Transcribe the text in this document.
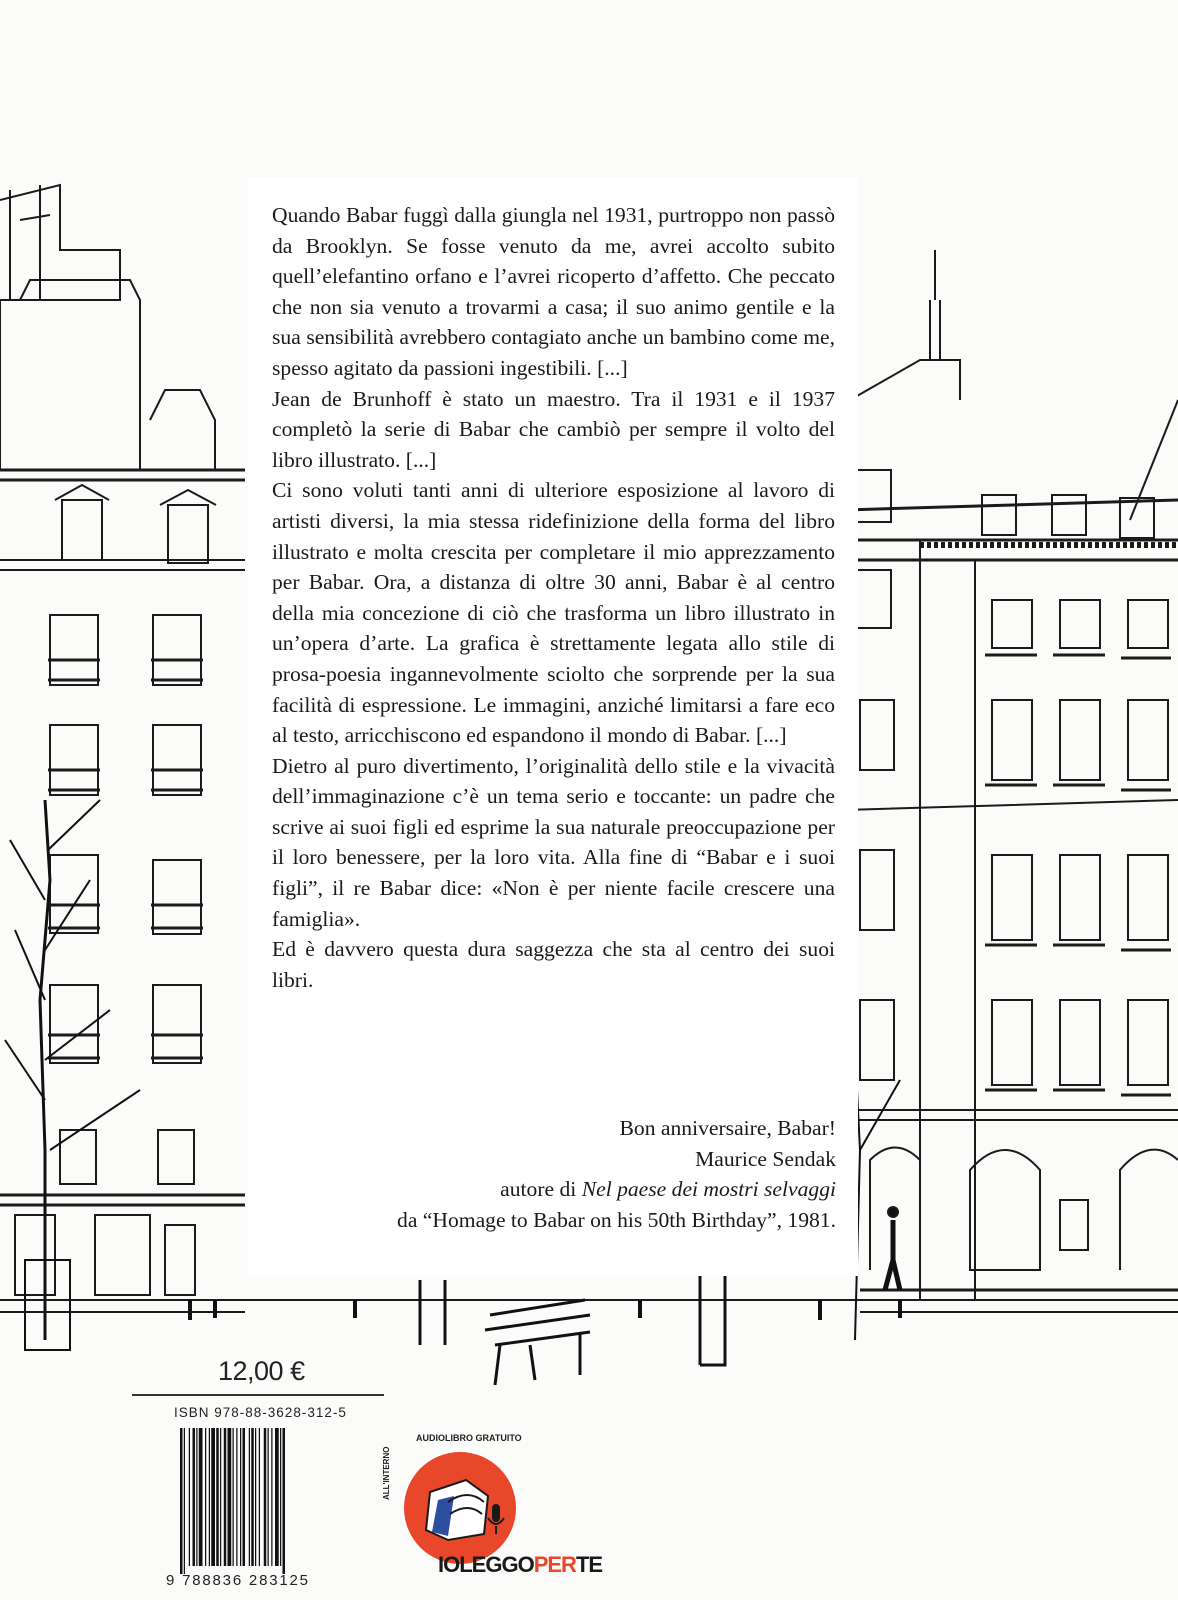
Quando Babar fuggì dalla giungla nel 1931, purtroppo non passò da Brooklyn. Se fosse venuto da me, avrei accolto subito quell’elefantino orfano e l’avrei ricoperto d’affetto. Che peccato che non sia venuto a trovarmi a casa; il suo animo gentile e la sua sensibilità avrebbero contagiato anche un bambino come me, spesso agitato da passioni ingestibili. [...]

Jean de Brunhoff è stato un maestro. Tra il 1931 e il 1937 completò la serie di Babar che cambiò per sempre il volto del libro illustrato. [...]

Ci sono voluti tanti anni di ulteriore esposizione al lavoro di artisti diversi, la mia stessa ridefinizione della forma del libro illustrato e molta crescita per completare il mio apprezzamento per Babar. Ora, a distanza di oltre 30 anni, Babar è al centro della mia concezione di ciò che trasforma un libro illustrato in un’opera d’arte. La grafica è strettamente legata allo stile di prosa-poesia ingannevolmente sciolto che sorprende per la sua facilità di espressione. Le immagini, anziché limitarsi a fare eco al testo, arricchiscono ed espandono il mondo di Babar. [...]

Dietro al puro divertimento, l’originalità dello stile e la vivacità dell’immaginazione c’è un tema serio e toccante: un padre che scrive ai suoi figli ed esprime la sua naturale preoccupazione per il loro benessere, per la loro vita. Alla fine di “Babar e i suoi figli”, il re Babar dice: «Non è per niente facile crescere una famiglia».

Ed è davvero questa dura saggezza che sta al centro dei suoi libri.

Bon anniversaire, Babar!
Maurice Sendak
autore di Nel paese dei mostri selvaggi
da “Homage to Babar on his 50th Birthday”, 1981.
12,00 €
ISBN 978-88-3628-312-5
9 788836 283125
AUDIOLIBRO GRATUITO
ALL'INTERNO
IOLEGGOPERTE
